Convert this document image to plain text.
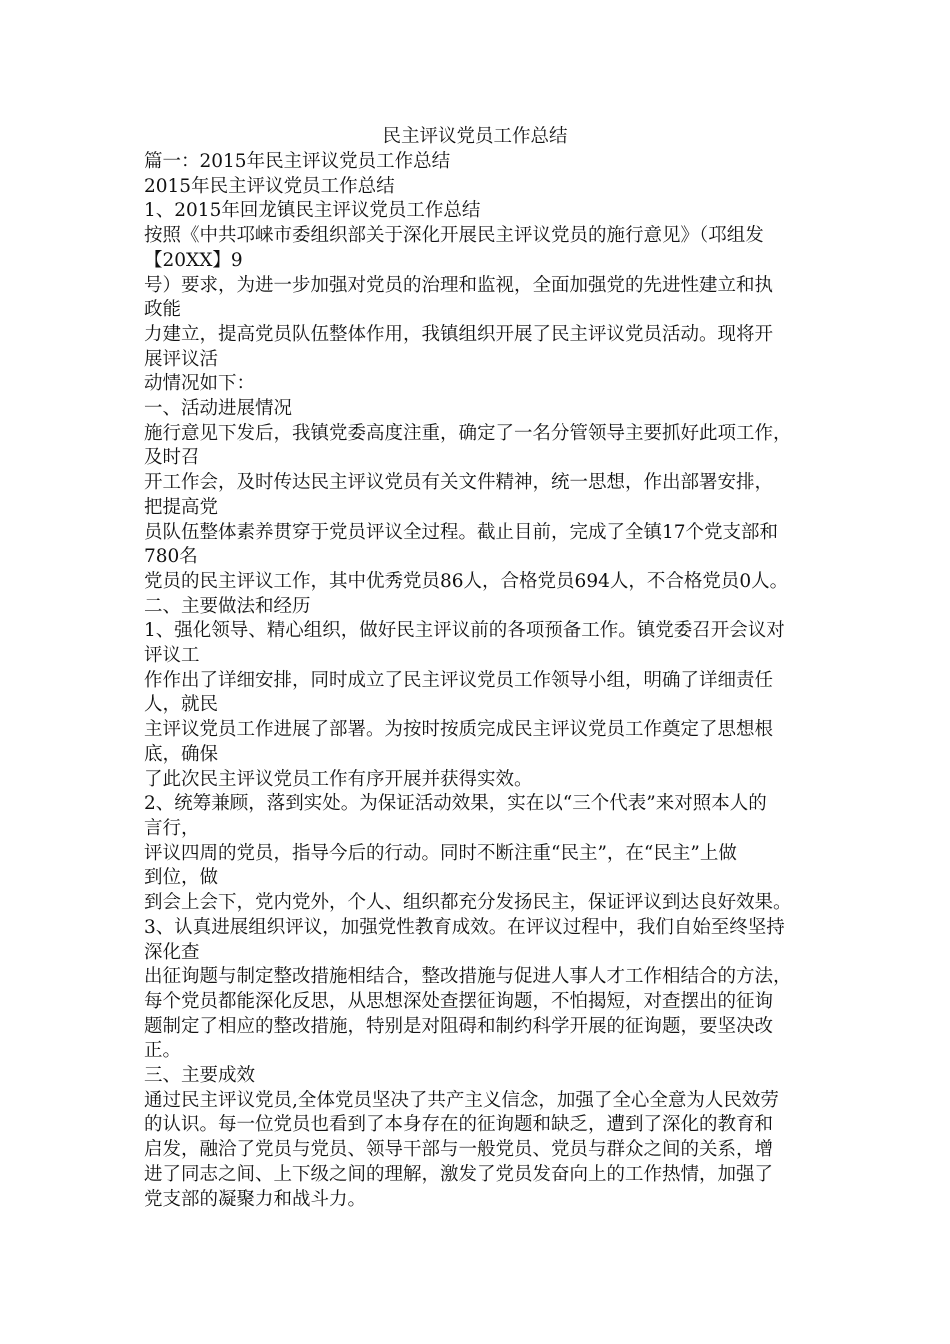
民主评议党员工作总结
篇一：2015年民主评议党员工作总结
2015年民主评议党员工作总结
1、2015年回龙镇民主评议党员工作总结
按照《中共邛崃市委组织部关于深化开展民主评议党员的施行意见》（邛组发
【20XX】9
号）要求，为进一步加强对党员的治理和监视，全面加强党的先进性建立和执
政能
力建立，提高党员队伍整体作用，我镇组织开展了民主评议党员活动。现将开
展评议活
动情况如下：
一、活动进展情况
施行意见下发后，我镇党委高度注重，确定了一名分管领导主要抓好此项工作，
及时召
开工作会，及时传达民主评议党员有关文件精神，统一思想，作出部署安排，
把提高党
员队伍整体素养贯穿于党员评议全过程。截止目前，完成了全镇17个党支部和
780名
党员的民主评议工作，其中优秀党员86人，合格党员694人，不合格党员0人。
二、主要做法和经历
1、强化领导、精心组织，做好民主评议前的各项预备工作。镇党委召开会议对
评议工
作作出了详细安排，同时成立了民主评议党员工作领导小组，明确了详细责任
人，就民
主评议党员工作进展了部署。为按时按质完成民主评议党员工作奠定了思想根
底，确保
了此次民主评议党员工作有序开展并获得实效。
2、统筹兼顾，落到实处。为保证活动效果，实在以“三个代表”来对照本人的
言行，
评议四周的党员，指导今后的行动。同时不断注重“民主”，在“民主”上做
到位，做
到会上会下，党内党外，个人、组织都充分发扬民主，保证评议到达良好效果。
3、认真进展组织评议，加强党性教育成效。在评议过程中，我们自始至终坚持
深化查
出征询题与制定整改措施相结合，整改措施与促进人事人才工作相结合的方法，
每个党员都能深化反思，从思想深处查摆征询题，不怕揭短，对查摆出的征询
题制定了相应的整改措施，特别是对阻碍和制约科学开展的征询题，要坚决改
正。
三、主要成效
通过民主评议党员,全体党员坚决了共产主义信念，加强了全心全意为人民效劳
的认识。每一位党员也看到了本身存在的征询题和缺乏，遭到了深化的教育和
启发，融洽了党员与党员、领导干部与一般党员、党员与群众之间的关系，增
进了同志之间、上下级之间的理解，激发了党员发奋向上的工作热情，加强了
党支部的凝聚力和战斗力。
